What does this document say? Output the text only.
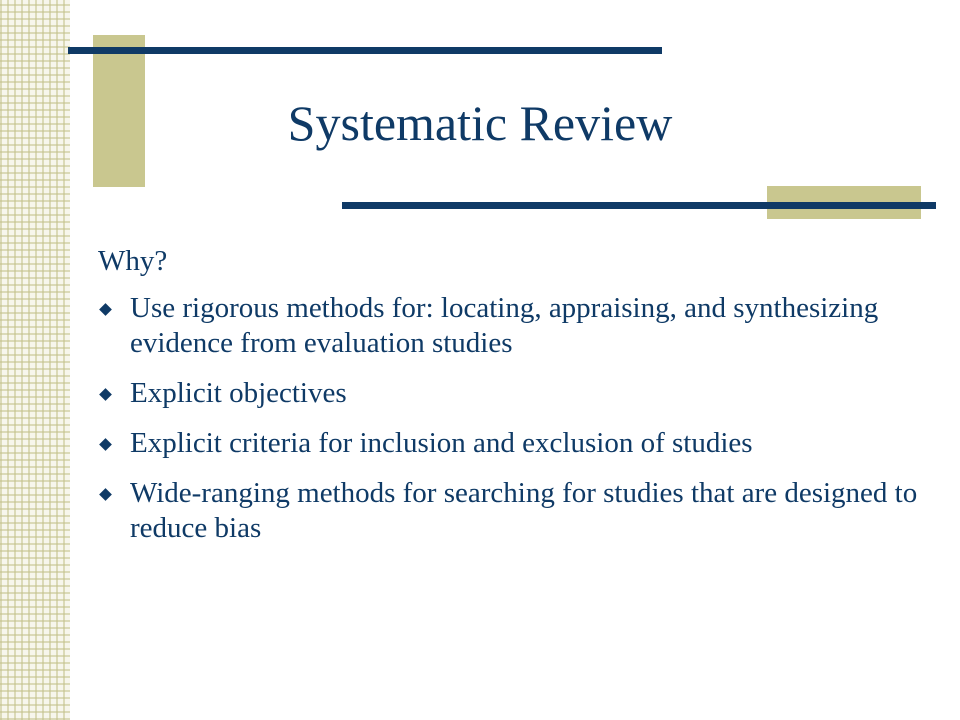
Systematic Review

Why?

Use rigorous methods for: locating, appraising, and synthesizing evidence from evaluation studies
Explicit objectives
Explicit criteria for inclusion and exclusion of studies
Wide-ranging methods for searching for studies that are designed to reduce bias
